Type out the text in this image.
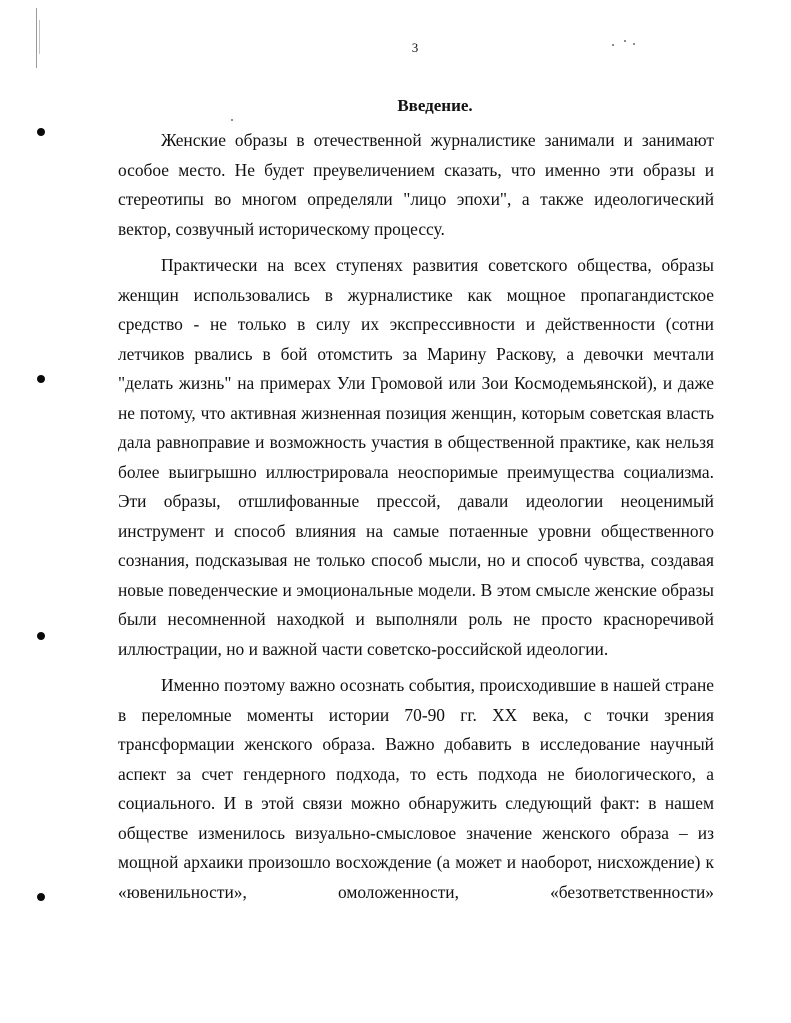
3
Введение.

Женские образы в отечественной журналистике занимали и занимают особое место. Не будет преувеличением сказать, что именно эти образы и стереотипы во многом определяли "лицо эпохи", а также идеологический вектор, созвучный историческому процессу.

Практически на всех ступенях развития советского общества, образы женщин использовались в журналистике как мощное пропагандистское средство - не только в силу их экспрессивности и действенности (сотни летчиков рвались в бой отомстить за Марину Раскову, а девочки мечтали "делать жизнь" на примерах Ули Громовой или Зои Космодемьянской), и даже не потому, что активная жизненная позиция женщин, которым советская власть дала равноправие и возможность участия в общественной практике, как нельзя более выигрышно иллюстрировала неоспоримые преимущества социализма. Эти образы, отшлифованные прессой, давали идеологии неоценимый инструмент и способ влияния на самые потаенные уровни общественного сознания, подсказывая не только способ мысли, но и способ чувства, создавая новые поведенческие и эмоциональные модели. В этом смысле женские образы были несомненной находкой и выполняли роль не просто красноречивой иллюстрации, но и важной части советско-российской идеологии.

Именно поэтому важно осознать события, происходившие в нашей стране в переломные моменты истории 70-90 гг. XX века, с точки зрения трансформации женского образа. Важно добавить в исследование научный аспект за счет гендерного подхода, то есть подхода не биологического, а социального. И в этой связи можно обнаружить следующий факт: в нашем обществе изменилось визуально-смысловое значение женского образа – из мощной архаики произошло восхождение (а может и наоборот, нисхождение) к «ювенильности», омоложенности, «безответственности»
